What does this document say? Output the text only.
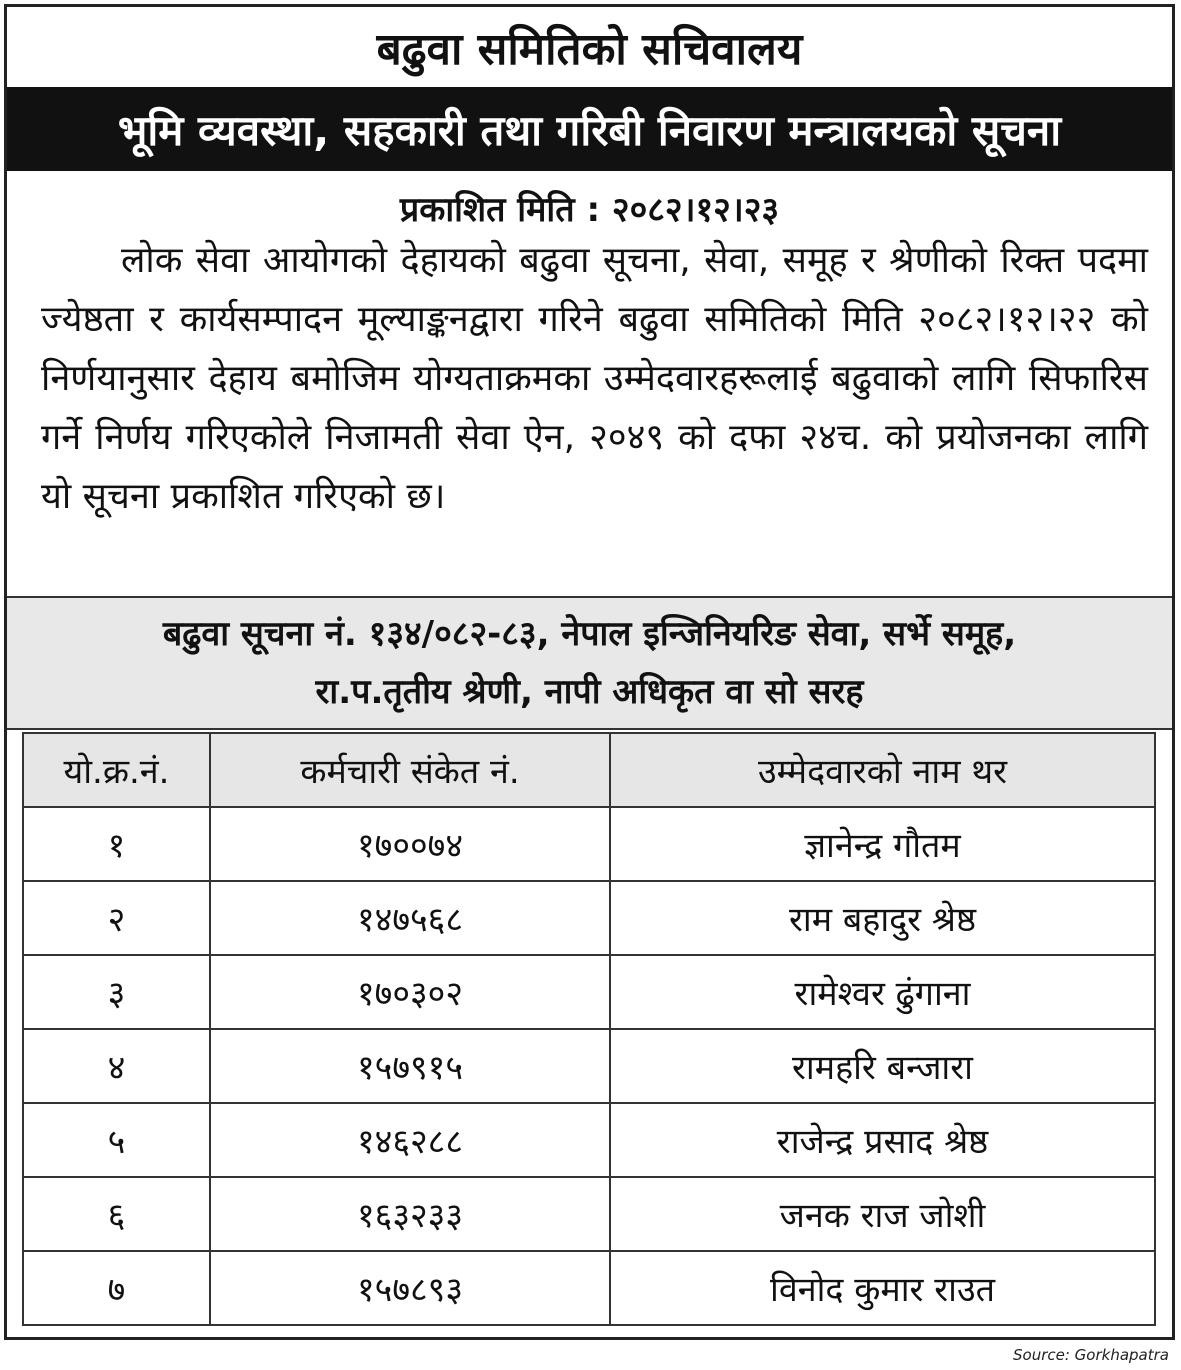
बढुवा समितिको सचिवालय
भूमि व्यवस्था, सहकारी तथा गरिबी निवारण मन्त्रालयको सूचना
प्रकाशित मिति : २०८२।१२।२३
लोक सेवा आयोगको देहायको बढुवा सूचना, सेवा, समूह र श्रेणीको रिक्त पदमा ज्येष्ठता र कार्यसम्पादन मूल्याङ्कनद्वारा गरिने बढुवा समितिको मिति २०८२।१२।२२ को निर्णयानुसार देहाय बमोजिम योग्यताक्रमका उम्मेदवारहरूलाई बढुवाको लागि सिफारिस गर्ने निर्णय गरिएकोले निजामती सेवा ऐन, २०४९ को दफा २४च. को प्रयोजनका लागि यो सूचना प्रकाशित गरिएको छ।
बढुवा सूचना नं. १३४/०८२-८३, नेपाल इन्जिनियरिङ सेवा, सर्भे समूह,
रा.प.तृतीय श्रेणी, नापी अधिकृत वा सो सरह
यो.क्र.नं.	कर्मचारी संकेत नं.	उम्मेदवारको नाम थर
१	१७००७४	ज्ञानेन्द्र गौतम
२	१४७५६८	राम बहादुर श्रेष्ठ
३	१७०३०२	रामेश्वर ढुंगाना
४	१५७९१५	रामहरि बन्जारा
५	१४६२८८	राजेन्द्र प्रसाद श्रेष्ठ
६	१६३२३३	जनक राज जोशी
७	१५७८९३	विनोद कुमार राउत
Source: Gorkhapatra
